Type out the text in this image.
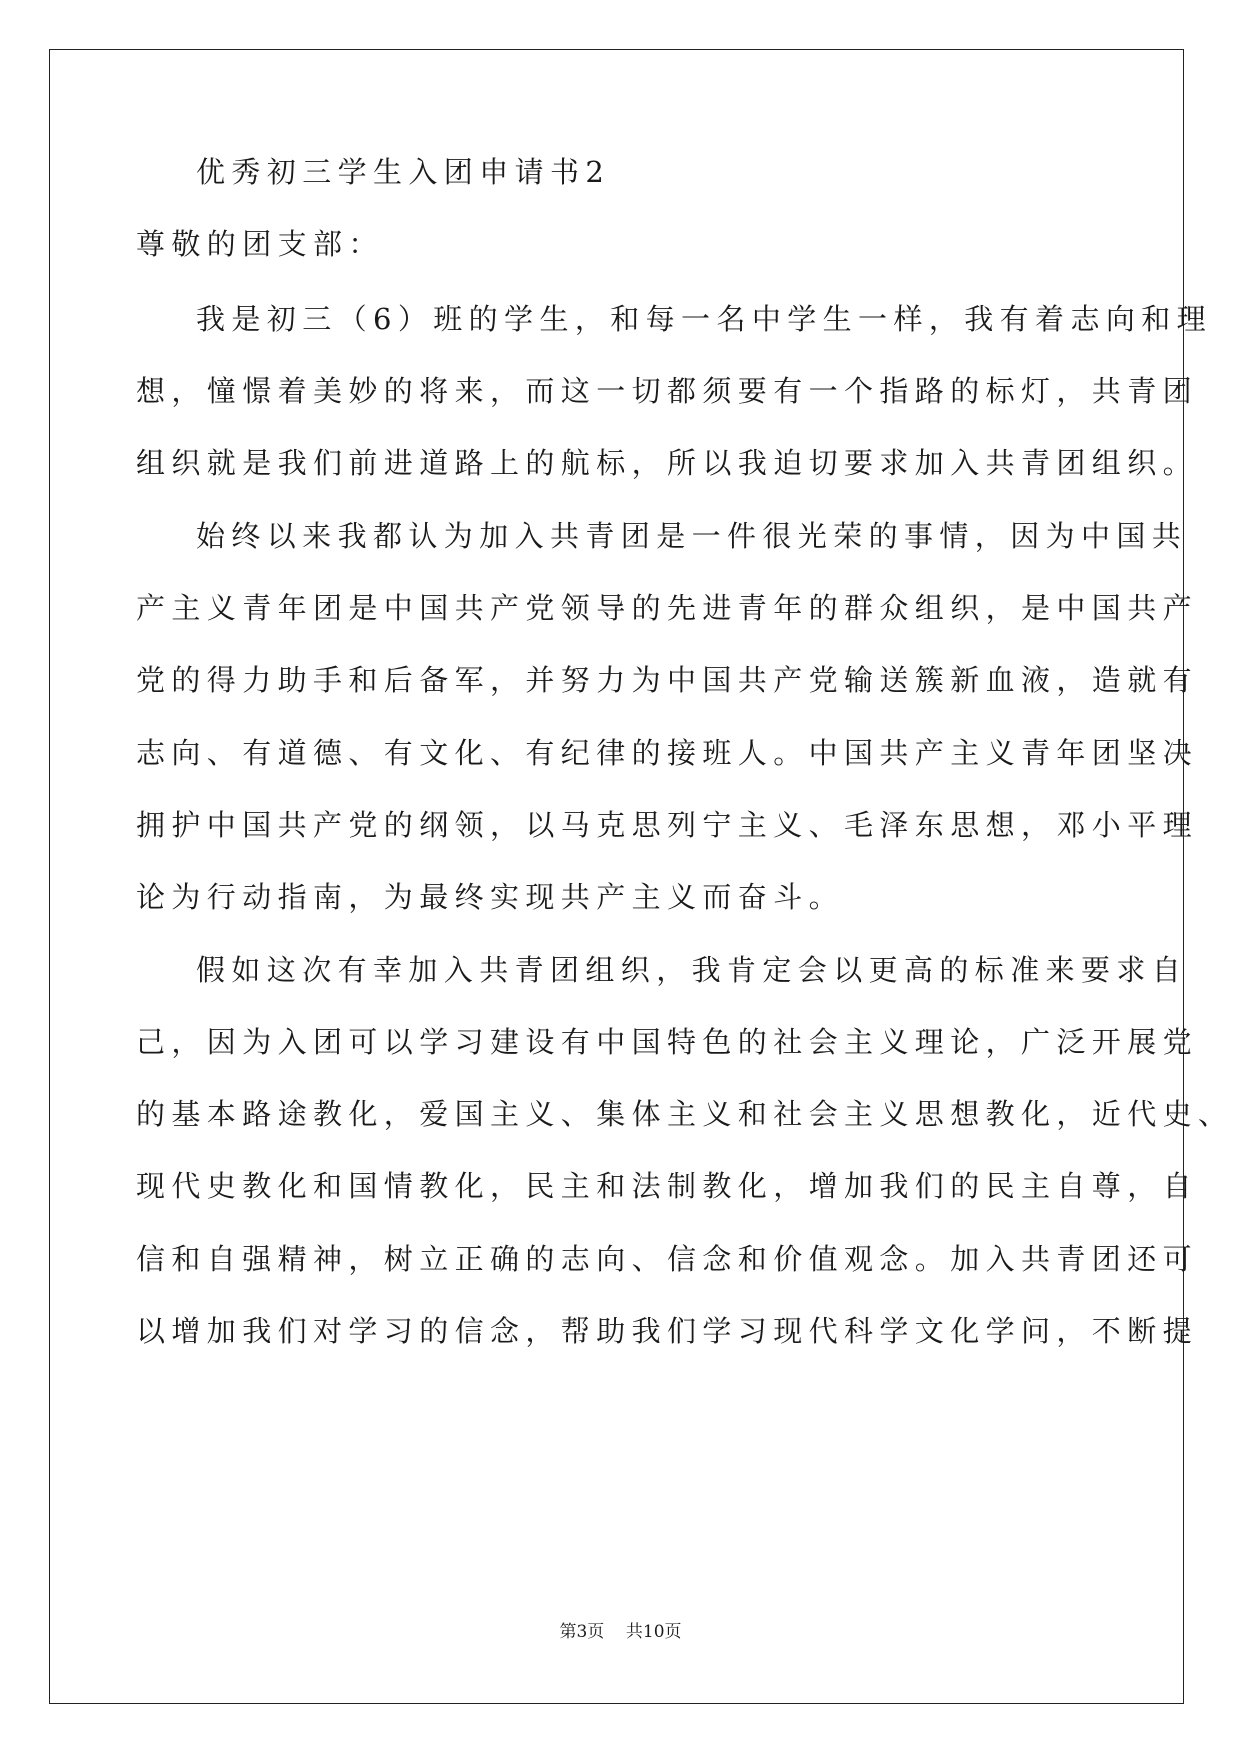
优秀初三学生入团申请书2

尊敬的团支部：

我是初三（6）班的学生，和每一名中学生一样，我有着志向和理

想，憧憬着美妙的将来，而这一切都须要有一个指路的标灯，共青团

组织就是我们前进道路上的航标，所以我迫切要求加入共青团组织。

始终以来我都认为加入共青团是一件很光荣的事情，因为中国共

产主义青年团是中国共产党领导的先进青年的群众组织，是中国共产

党的得力助手和后备军，并努力为中国共产党输送簇新血液，造就有

志向、有道德、有文化、有纪律的接班人。中国共产主义青年团坚决

拥护中国共产党的纲领，以马克思列宁主义、毛泽东思想，邓小平理

论为行动指南，为最终实现共产主义而奋斗。

假如这次有幸加入共青团组织，我肯定会以更高的标准来要求自

己，因为入团可以学习建设有中国特色的社会主义理论，广泛开展党

的基本路途教化，爱国主义、集体主义和社会主义思想教化，近代史、

现代史教化和国情教化，民主和法制教化，增加我们的民主自尊，自

信和自强精神，树立正确的志向、信念和价值观念。加入共青团还可

以增加我们对学习的信念，帮助我们学习现代科学文化学问，不断提

第3页 共10页
